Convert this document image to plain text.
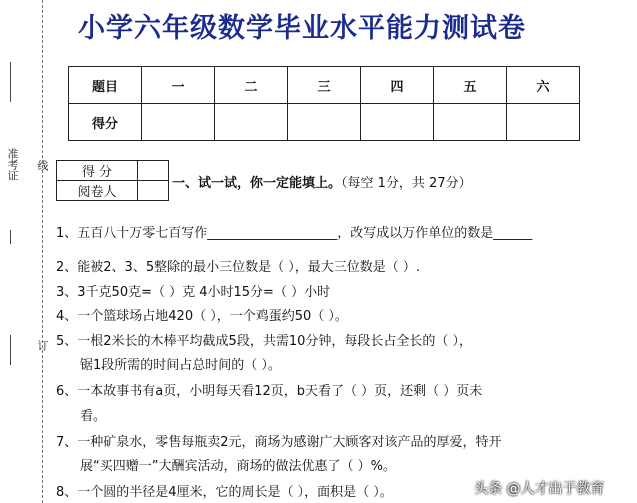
准考证 线
订
小学六年级数学毕业水平能力测试卷
题目	一	二	三	四	五	六
得分						
得 分	
阅卷人	
一、试一试，你一定能填上。（每空 1分，共 27分）
1、五百八十万零七百写作____________________，改写成以万作单位的数是______
2、能被2、3、5整除的最小三位数是（ ），最大三位数是（ ）.
3、3千克50克=（ ）克 4小时15分=（ ）小时
4、一个篮球场占地420（ ），一个鸡蛋约50（ ）。
5、一根2米长的木棒平均截成5段，共需10分钟，每段长占全长的（ ），
锯1段所需的时间占总时间的（ ）。
6、一本故事书有a页，小明每天看12页，b天看了（ ）页，还剩（ ）页未
看。
7、一种矿泉水，零售每瓶卖2元，商场为感谢广大顾客对该产品的厚爱，特开
展“买四赠一”大酬宾活动，商场的做法优惠了（ ）%。
8、一个圆的半径是4厘米，它的周长是（ ），面积是（ ）。	头条 @人才出于教育
